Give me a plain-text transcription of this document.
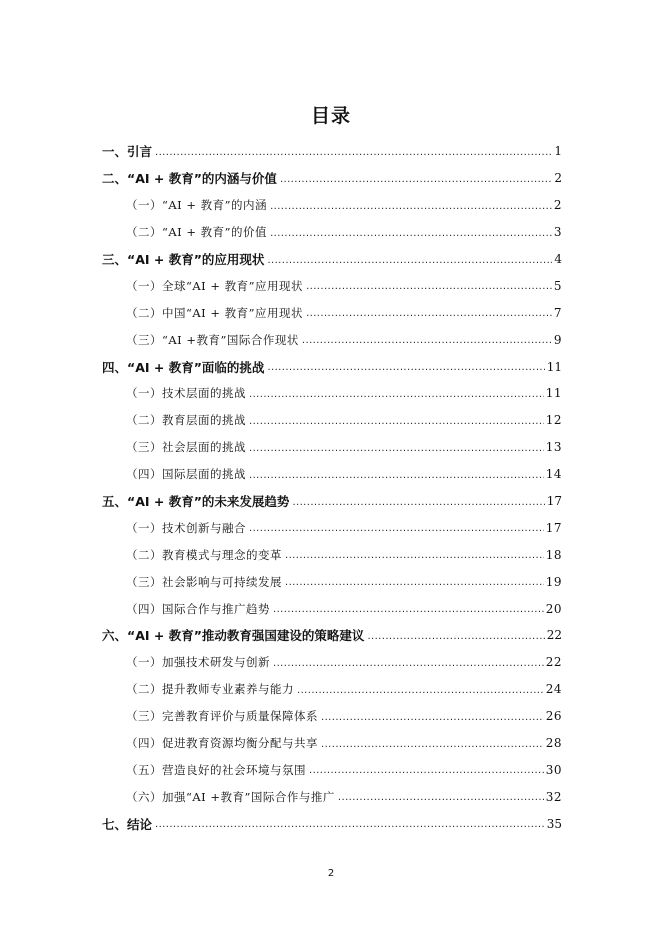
目录
一、引言 .....	1
二、“AI + 教育”的内涵与价值 .....	2
（一）“AI + 教育”的内涵 .....	2
（二）“AI + 教育”的价值 .....	3
三、“AI + 教育”的应用现状 .....	4
（一）全球“AI + 教育”应用现状 .....	5
（二）中国“AI + 教育”应用现状 .....	7
（三）“AI +教育”国际合作现状 .....	9
四、“AI + 教育”面临的挑战 .....	11
（一）技术层面的挑战 .....	11
（二）教育层面的挑战 .....	12
（三）社会层面的挑战 .....	13
（四）国际层面的挑战 .....	14
五、“AI + 教育”的未来发展趋势 .....	17
（一）技术创新与融合 .....	17
（二）教育模式与理念的变革 .....	18
（三）社会影响与可持续发展 .....	19
（四）国际合作与推广趋势 .....	20
六、“AI + 教育”推动教育强国建设的策略建议 .....	22
（一）加强技术研发与创新 .....	22
（二）提升教师专业素养与能力 .....	24
（三）完善教育评价与质量保障体系 .....	26
（四）促进教育资源均衡分配与共享 .....	28
（五）营造良好的社会环境与氛围 .....	30
（六）加强“AI +教育”国际合作与推广 .....	32
七、结论 .....	35
2
